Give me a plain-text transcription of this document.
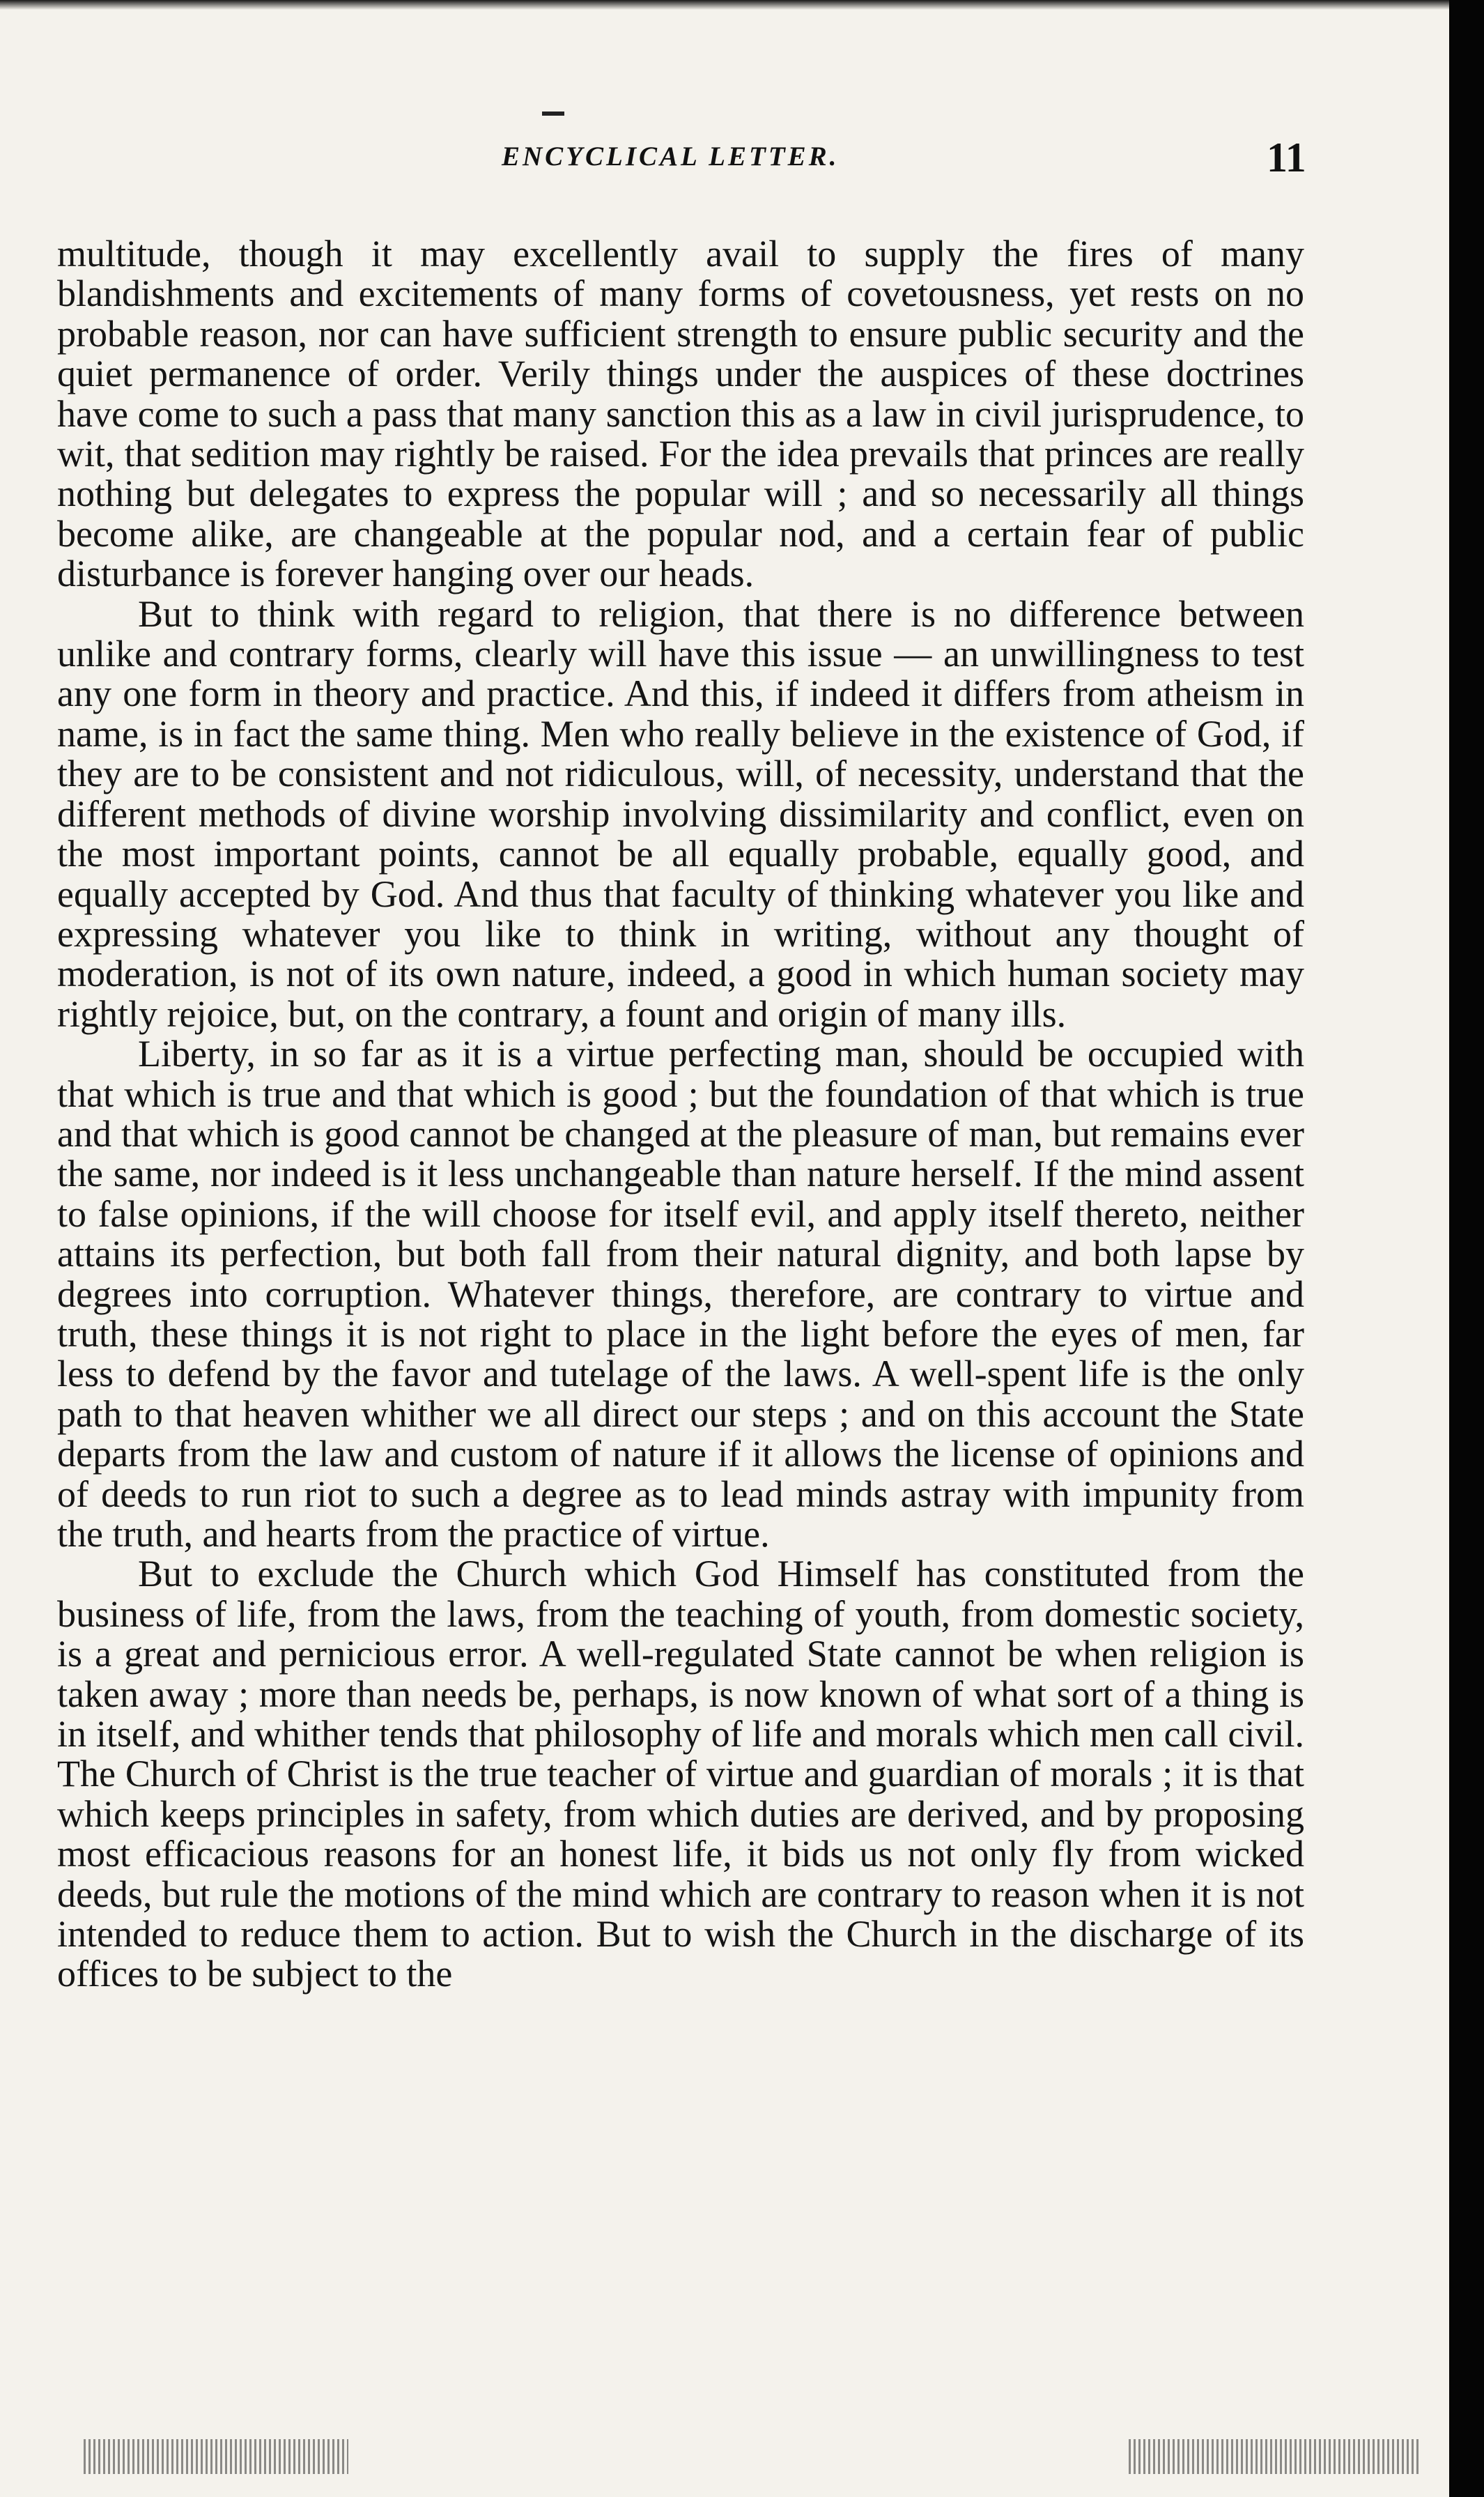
ENCYCLICAL LETTER.	11

multitude, though it may excellently avail to supply the fires of many blandishments and excitements of many forms of covetousness, yet rests on no probable reason, nor can have sufficient strength to ensure public security and the quiet permanence of order. Verily things under the auspices of these doctrines have come to such a pass that many sanction this as a law in civil jurisprudence, to wit, that sedition may rightly be raised. For the idea prevails that princes are really nothing but delegates to express the popular will ; and so necessarily all things become alike, are changeable at the popular nod, and a certain fear of public disturbance is forever hanging over our heads.

But to think with regard to religion, that there is no difference between unlike and contrary forms, clearly will have this issue — an unwillingness to test any one form in theory and practice. And this, if indeed it differs from atheism in name, is in fact the same thing. Men who really believe in the existence of God, if they are to be consistent and not ridiculous, will, of necessity, understand that the different methods of divine worship involving dissimilarity and conflict, even on the most important points, cannot be all equally probable, equally good, and equally accepted by God. And thus that faculty of thinking whatever you like and expressing whatever you like to think in writing, without any thought of moderation, is not of its own nature, indeed, a good in which human society may rightly rejoice, but, on the contrary, a fount and origin of many ills.

Liberty, in so far as it is a virtue perfecting man, should be occupied with that which is true and that which is good ; but the foundation of that which is true and that which is good cannot be changed at the pleasure of man, but remains ever the same, nor indeed is it less unchangeable than nature herself. If the mind assent to false opinions, if the will choose for itself evil, and apply itself thereto, neither attains its perfection, but both fall from their natural dignity, and both lapse by degrees into corruption. Whatever things, therefore, are contrary to virtue and truth, these things it is not right to place in the light before the eyes of men, far less to defend by the favor and tutelage of the laws. A well-spent life is the only path to that heaven whither we all direct our steps ; and on this account the State departs from the law and custom of nature if it allows the license of opinions and of deeds to run riot to such a degree as to lead minds astray with impunity from the truth, and hearts from the practice of virtue.

But to exclude the Church which God Himself has constituted from the business of life, from the laws, from the teaching of youth, from domestic society, is a great and pernicious error. A well-regulated State cannot be when religion is taken away ; more than needs be, perhaps, is now known of what sort of a thing is in itself, and whither tends that philosophy of life and morals which men call civil. The Church of Christ is the true teacher of virtue and guardian of morals ; it is that which keeps principles in safety, from which duties are derived, and by proposing most efficacious reasons for an honest life, it bids us not only fly from wicked deeds, but rule the motions of the mind which are contrary to reason when it is not intended to reduce them to action. But to wish the Church in the discharge of its offices to be subject to the
